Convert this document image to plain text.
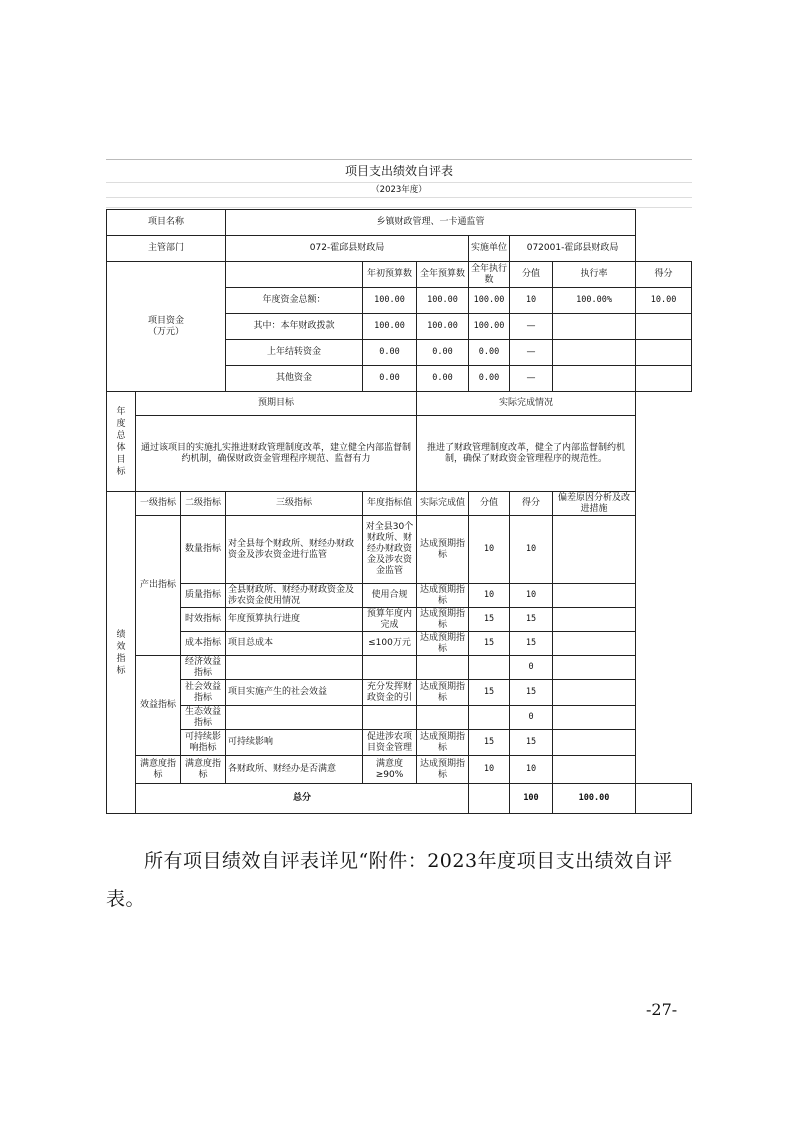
项目支出绩效自评表
（2023年度）
项目名称			乡镇财政管理、一卡通监管						
主管部门			072-霍邱县财政局			实施单位	072001-霍邱县财政局		
项目资金
（万元）				年初预算数	全年预算数	全年执行数	分值	执行率	得分
			年度资金总额：	100.00	100.00	100.00	10	100.00%	10.00
			其中：本年财政拨款	100.00	100.00	100.00	—		
			上年结转资金	0.00	0.00	0.00	—		
			其他资金	0.00	0.00	0.00	—		
年度总体目标	预期目标				实际完成情况				
	通过该项目的实施扎实推进财政管理制度改革，建立健全内部监督制约机制，确保财政资金管理程序规范、监督有力				推进了财政管理制度改革，健全了内部监督制约机制，确保了财政资金管理程序的规范性。				
绩效指标	一级指标	二级指标	三级指标	年度指标值	实际完成值	分值	得分	偏差原因分析及改进措施	
	产出指标	数量指标	对全县每个财政所、财经办财政资金及涉农资金进行监管	对全县30个财政所、财经办财政资金及涉农资金监管	达成预期指标	10	10		
		质量指标	全县财政所、财经办财政资金及涉农资金使用情况	使用合规	达成预期指标	10	10		
		时效指标	年度预算执行进度	预算年度内完成	达成预期指标	15	15		
		成本指标	项目总成本	≤100万元	达成预期指标	15	15		
	效益指标	经济效益指标					0		
		社会效益指标	项目实施产生的社会效益	充分发挥财政资金的引	达成预期指标	15	15		
		生态效益指标					0		
		可持续影响指标	可持续影响	促进涉农项目资金管理	达成预期指标	15	15		
	满意度指标	满意度指标	各财政所、财经办是否满意	满意度≥90%	达成预期指标	10	10		
	总分						100	100.00	
所有项目绩效自评表详见“附件：2023年度项目支出绩效自评表。
-27-
